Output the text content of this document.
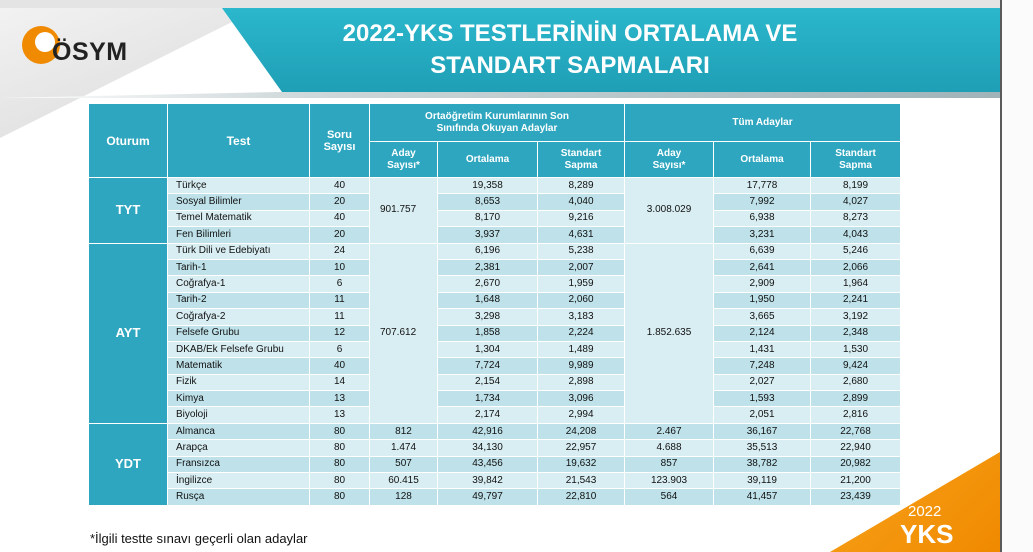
ÖSYM
2022-YKS TESTLERİNİN ORTALAMA VE
STANDART SAPMALARI
Oturum	Test	Soru Sayısı	Ortaöğretim Kurumlarının Son Sınıfında Okuyan Adaylar			Tüm Adaylar		
			Aday Sayısı*	Ortalama	Standart Sapma	Aday Sayısı*	Ortalama	Standart Sapma
TYT	Türkçe	40	901.757	19,358	8,289	3.008.029	17,778	8,199
	Sosyal Bilimler	20		8,653	4,040		7,992	4,027
	Temel Matematik	40		8,170	9,216		6,938	8,273
	Fen Bilimleri	20		3,937	4,631		3,231	4,043
AYT	Türk Dili ve Edebiyatı	24	707.612	6,196	5,238	1.852.635	6,639	5,246
	Tarih-1	10		2,381	2,007		2,641	2,066
	Coğrafya-1	6		2,670	1,959		2,909	1,964
	Tarih-2	11		1,648	2,060		1,950	2,241
	Coğrafya-2	11		3,298	3,183		3,665	3,192
	Felsefe Grubu	12		1,858	2,224		2,124	2,348
	DKAB/Ek Felsefe Grubu	6		1,304	1,489		1,431	1,530
	Matematik	40		7,724	9,989		7,248	9,424
	Fizik	14		2,154	2,898		2,027	2,680
	Kimya	13		1,734	3,096		1,593	2,899
	Biyoloji	13		2,174	2,994		2,051	2,816
YDT	Almanca	80	812	42,916	24,208	2.467	36,167	22,768
	Arapça	80	1.474	34,130	22,957	4.688	35,513	22,940
	Fransızca	80	507	43,456	19,632	857	38,782	20,982
	İngilizce	80	60.415	39,842	21,543	123.903	39,119	21,200
	Rusça	80	128	49,797	22,810	564	41,457	23,439
*İlgili testte sınavı geçerli olan adaylar
2022
YKS
